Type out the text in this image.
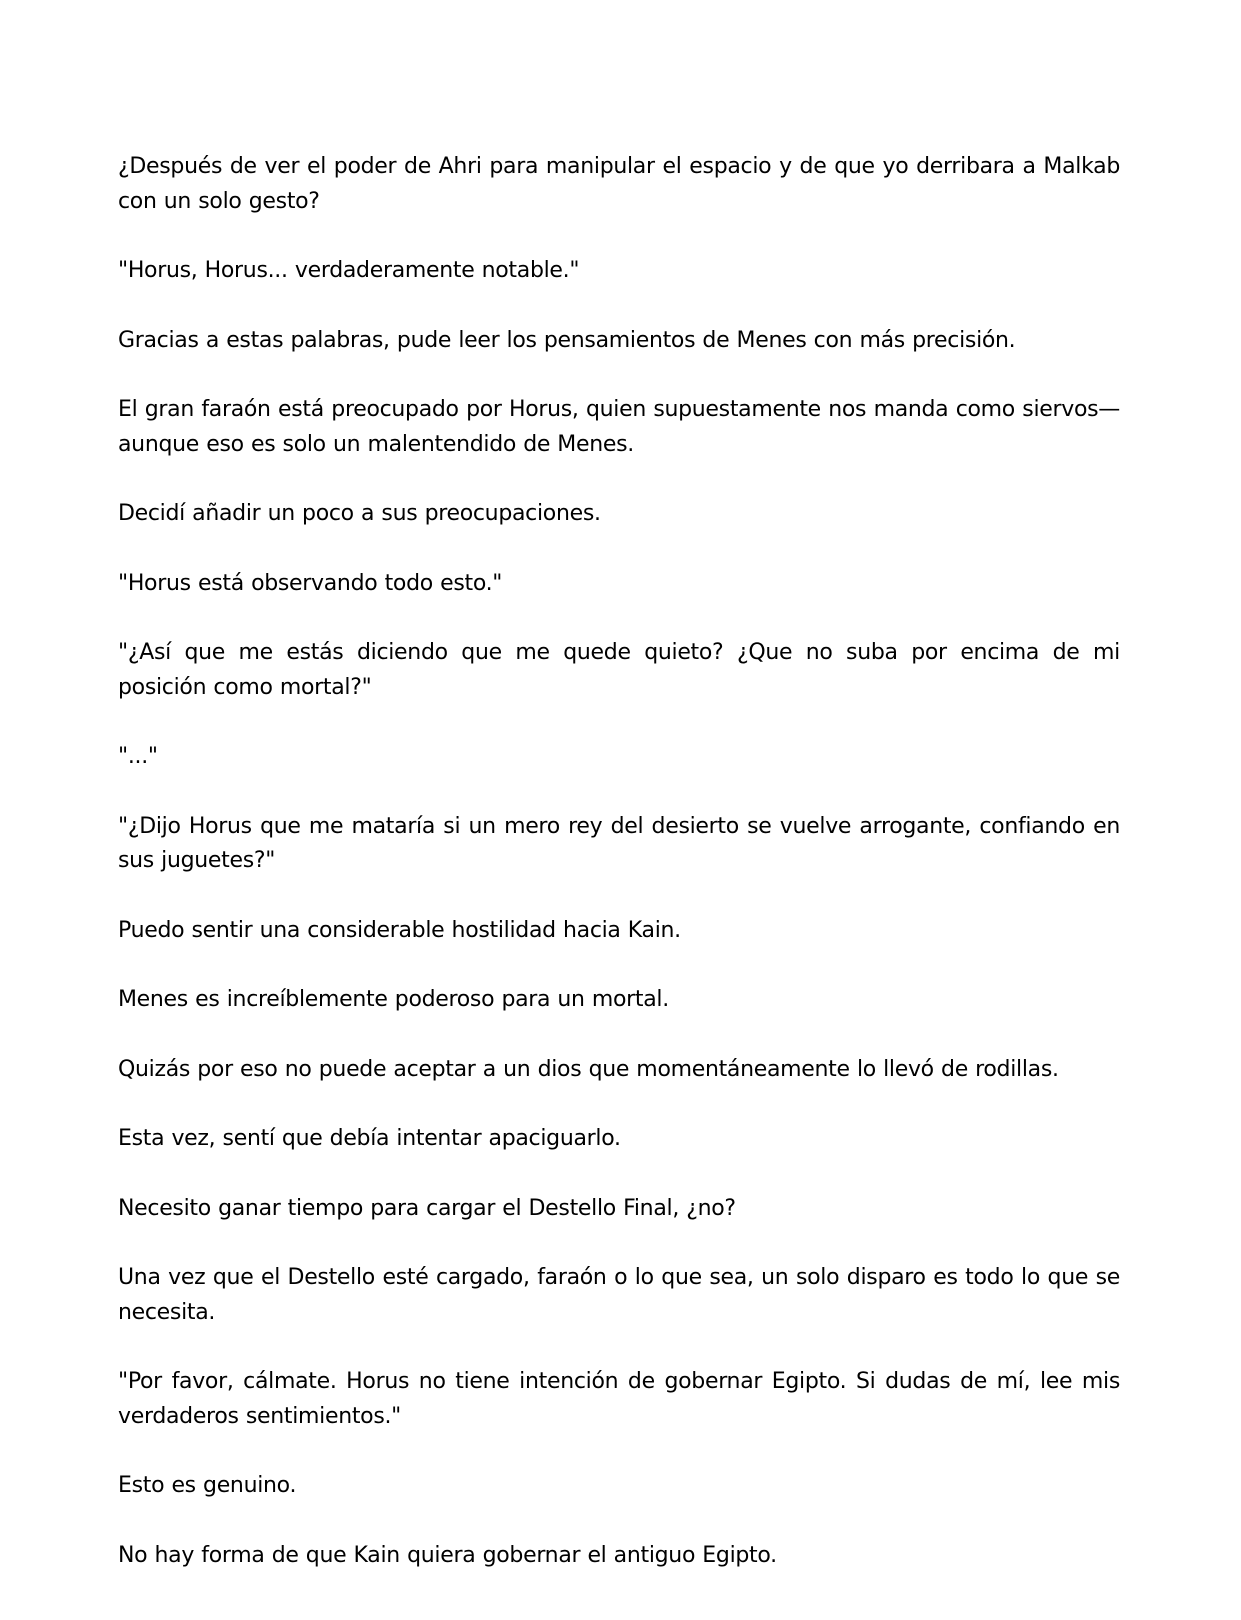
¿Después de ver el poder de Ahri para manipular el espacio y de que yo derribara a Malkab con un solo gesto?

"Horus, Horus... verdaderamente notable."

Gracias a estas palabras, pude leer los pensamientos de Menes con más precisión.

El gran faraón está preocupado por Horus, quien supuestamente nos manda como siervos—aunque eso es solo un malentendido de Menes.

Decidí añadir un poco a sus preocupaciones.

"Horus está observando todo esto."

"¿Así que me estás diciendo que me quede quieto? ¿Que no suba por encima de mi posición como mortal?"

"..."

"¿Dijo Horus que me mataría si un mero rey del desierto se vuelve arrogante, confiando en sus juguetes?"

Puedo sentir una considerable hostilidad hacia Kain.

Menes es increíblemente poderoso para un mortal.

Quizás por eso no puede aceptar a un dios que momentáneamente lo llevó de rodillas.

Esta vez, sentí que debía intentar apaciguarlo.

Necesito ganar tiempo para cargar el Destello Final, ¿no?

Una vez que el Destello esté cargado, faraón o lo que sea, un solo disparo es todo lo que se necesita.

"Por favor, cálmate. Horus no tiene intención de gobernar Egipto. Si dudas de mí, lee mis verdaderos sentimientos."

Esto es genuino.

No hay forma de que Kain quiera gobernar el antiguo Egipto.
